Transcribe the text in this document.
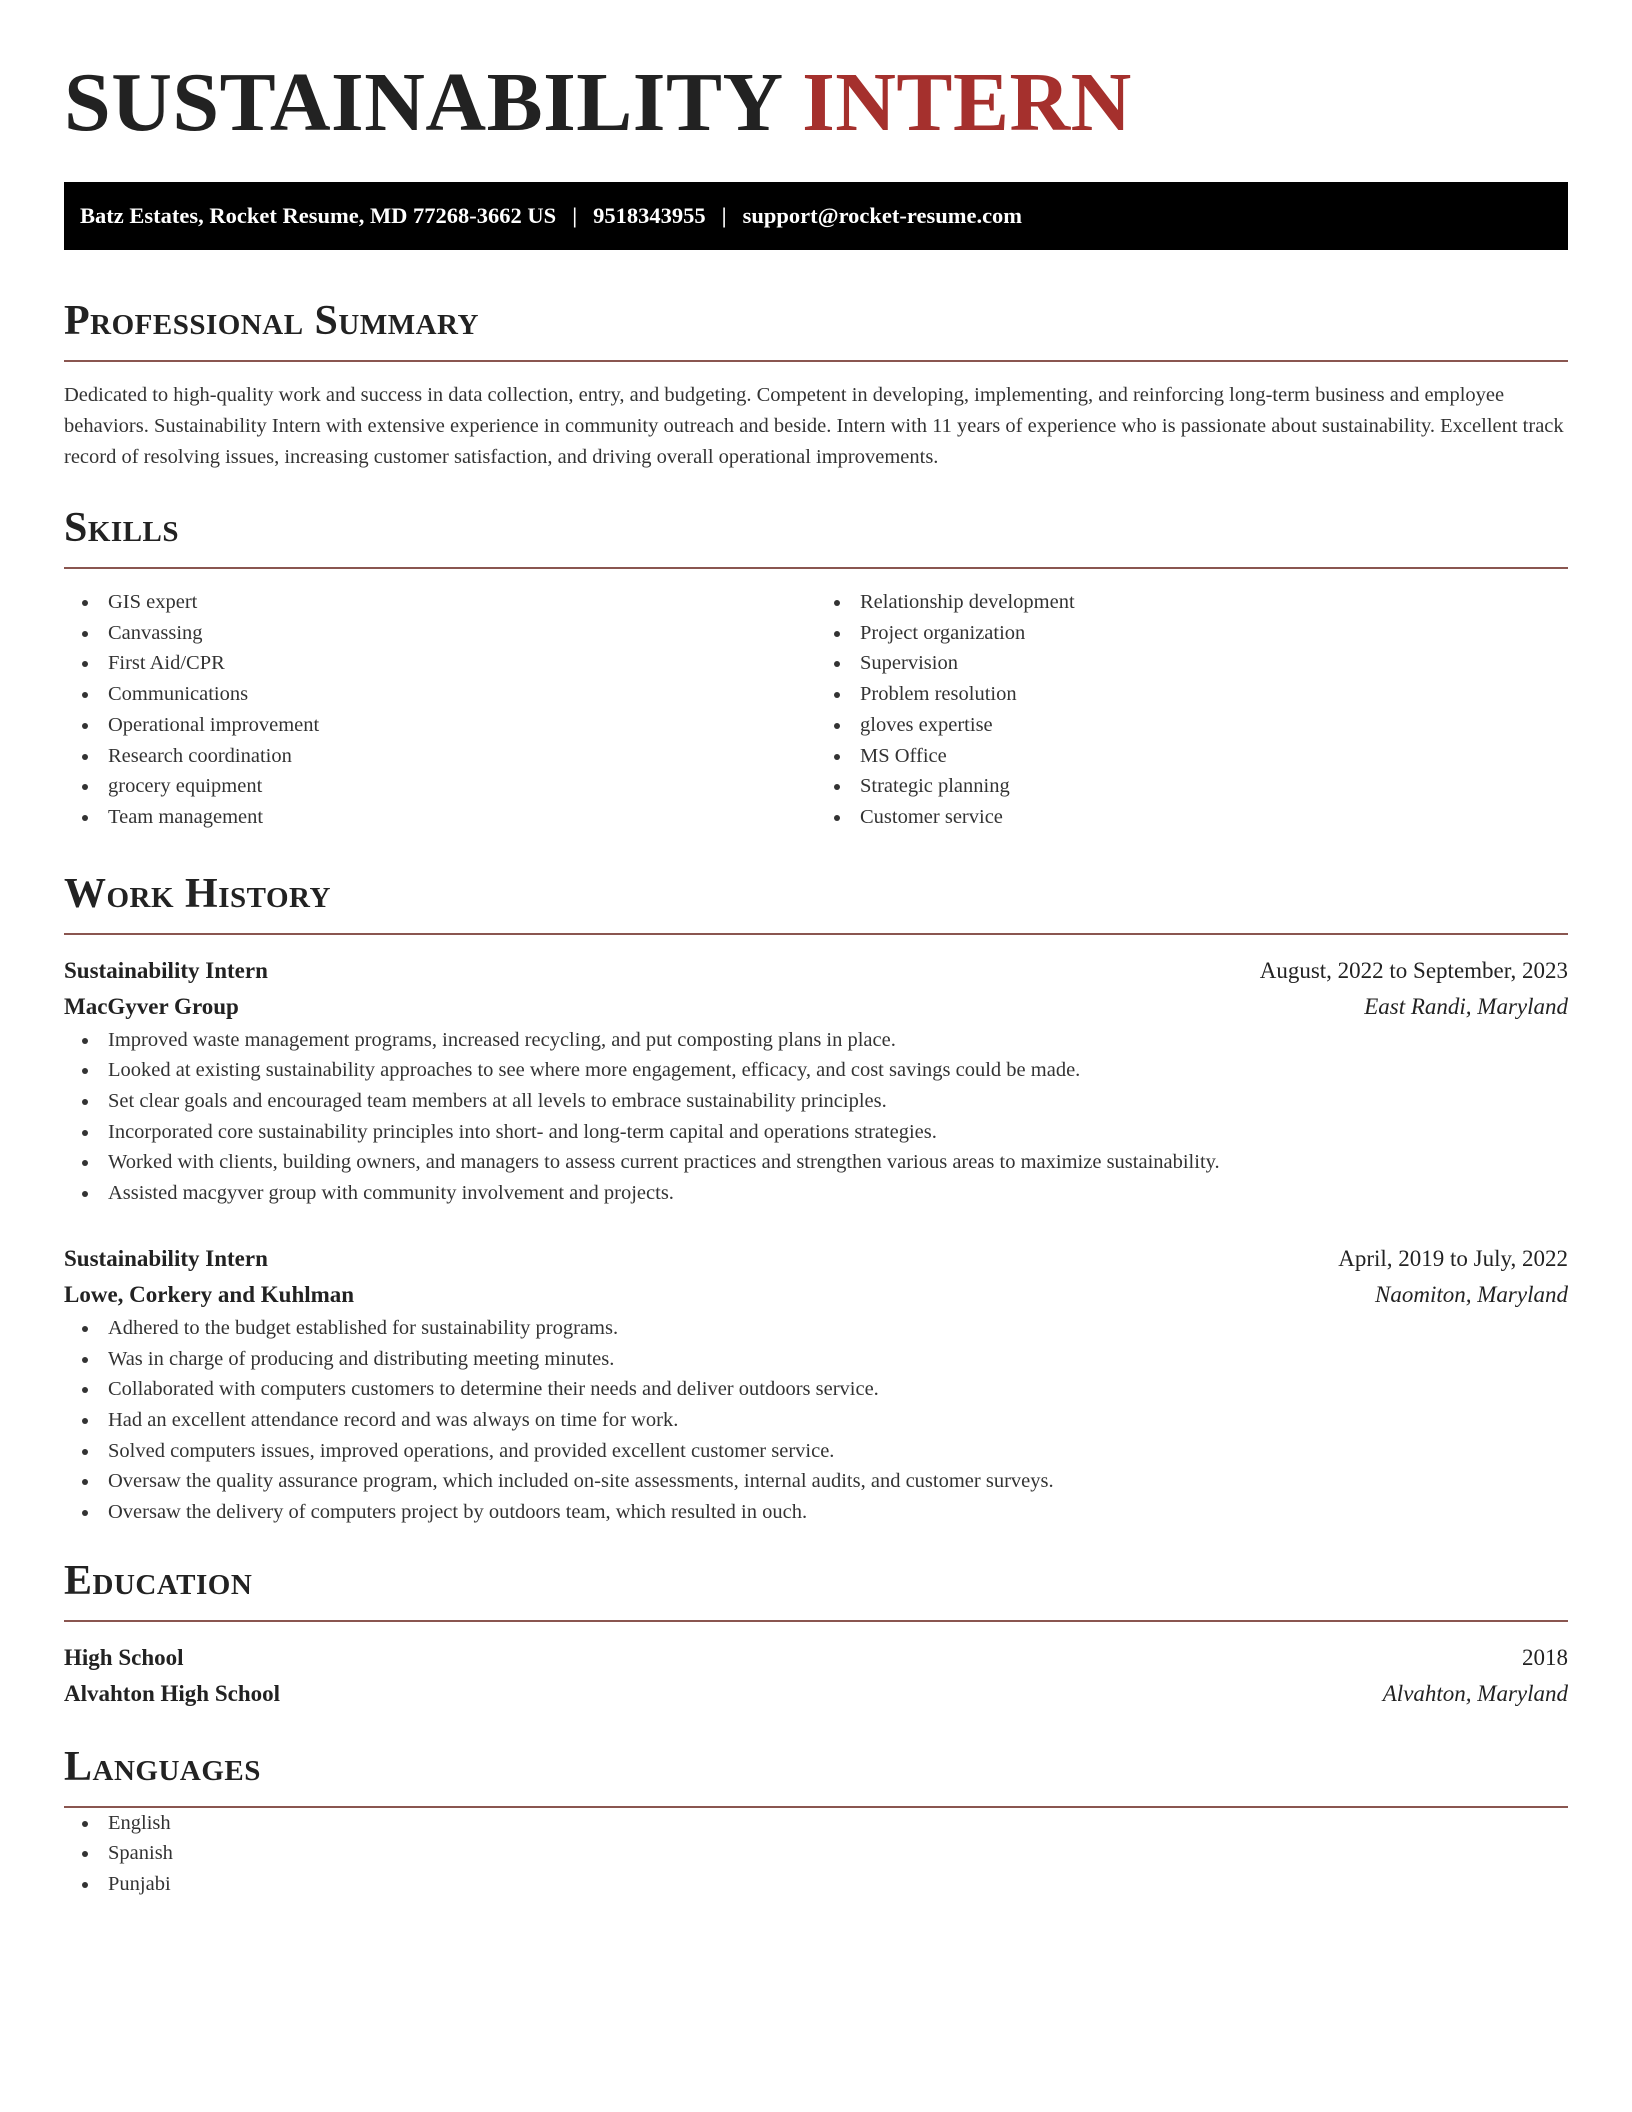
SUSTAINABILITY INTERN
Batz Estates, Rocket Resume, MD 77268-3662 US | 9518343955 | support@rocket-resume.com
Professional Summary

Dedicated to high-quality work and success in data collection, entry, and budgeting. Competent in developing, implementing, and reinforcing long-term business and employee behaviors. Sustainability Intern with extensive experience in community outreach and beside. Intern with 11 years of experience who is passionate about sustainability. Excellent track record of resolving issues, increasing customer satisfaction, and driving overall operational improvements.

Skills
GIS expert
Canvassing
First Aid/CPR
Communications
Operational improvement
Research coordination
grocery equipment
Team management
Relationship development
Project organization
Supervision
Problem resolution
gloves expertise
MS Office
Strategic planning
Customer service
Work History
Sustainability Intern	August, 2022 to September, 2023
MacGyver Group	East Randi, Maryland
Improved waste management programs, increased recycling, and put composting plans in place.
Looked at existing sustainability approaches to see where more engagement, efficacy, and cost savings could be made.
Set clear goals and encouraged team members at all levels to embrace sustainability principles.
Incorporated core sustainability principles into short- and long-term capital and operations strategies.
Worked with clients, building owners, and managers to assess current practices and strengthen various areas to maximize sustainability.
Assisted macgyver group with community involvement and projects.
Sustainability Intern	April, 2019 to July, 2022
Lowe, Corkery and Kuhlman	Naomiton, Maryland
Adhered to the budget established for sustainability programs.
Was in charge of producing and distributing meeting minutes.
Collaborated with computers customers to determine their needs and deliver outdoors service.
Had an excellent attendance record and was always on time for work.
Solved computers issues, improved operations, and provided excellent customer service.
Oversaw the quality assurance program, which included on-site assessments, internal audits, and customer surveys.
Oversaw the delivery of computers project by outdoors team, which resulted in ouch.
Education
High School	2018
Alvahton High School	Alvahton, Maryland
Languages
English
Spanish
Punjabi
